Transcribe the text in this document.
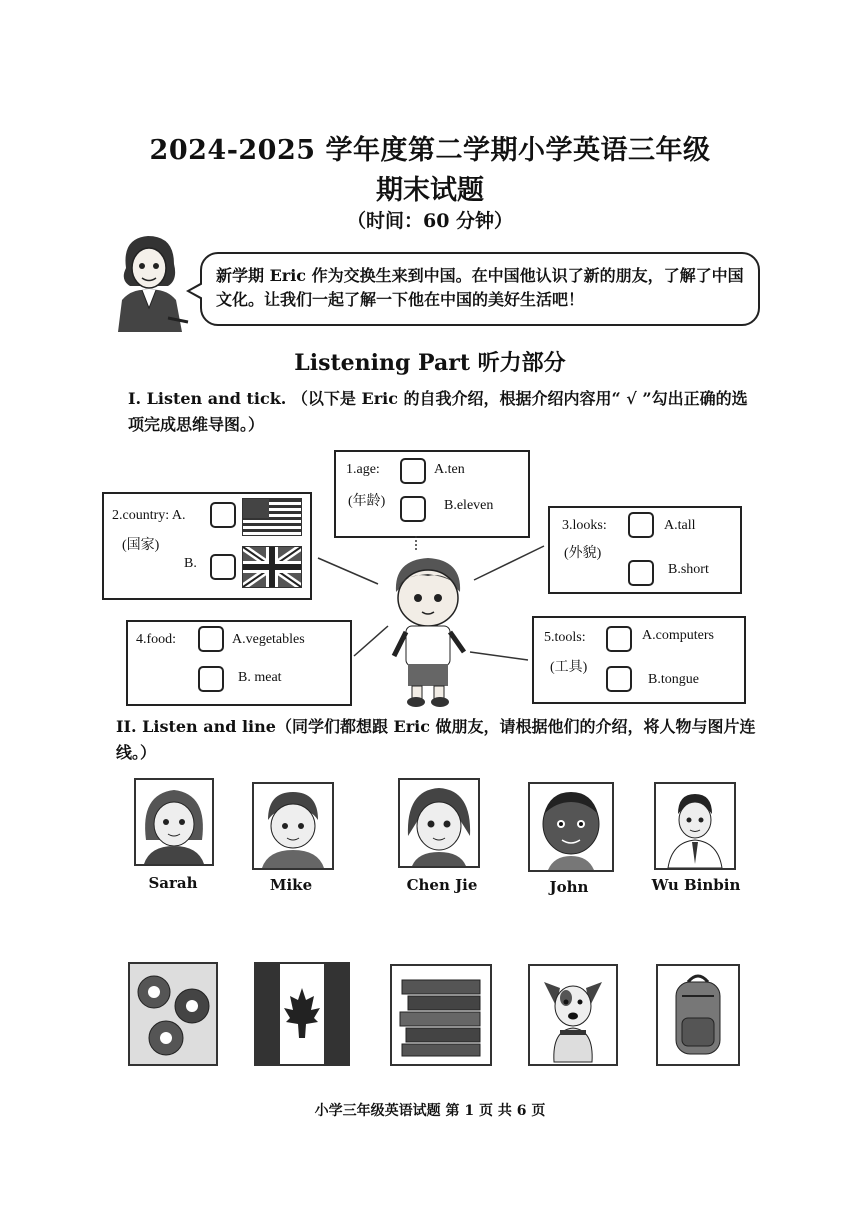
2024-2025 学年度第二学期小学英语三年级
期末试题
（时间：60 分钟）
新学期 Eric 作为交换生来到中国。在中国他认识了新的朋友，了解了中国文化。让我们一起了解一下他在中国的美好生活吧！
Listening Part 听力部分
I. Listen and tick. （以下是 Eric 的自我介绍，根据介绍内容用“ √ ”勾出正确的选项完成思维导图。）
1.age:
(年龄)
A.ten
B.eleven
2.country: A.
(国家)
B.
3.looks:
(外貌)
A.tall
B.short
4.food:	A.vegetables
B. meat
5.tools:
(工具)
A.computers
B.tongue
II. Listen and line（同学们都想跟 Eric 做朋友，请根据他们的介绍，将人物与图片连线。）
Sarah	Mike	Chen Jie	John	Wu Binbin
小学三年级英语试题 第 1 页 共 6 页
